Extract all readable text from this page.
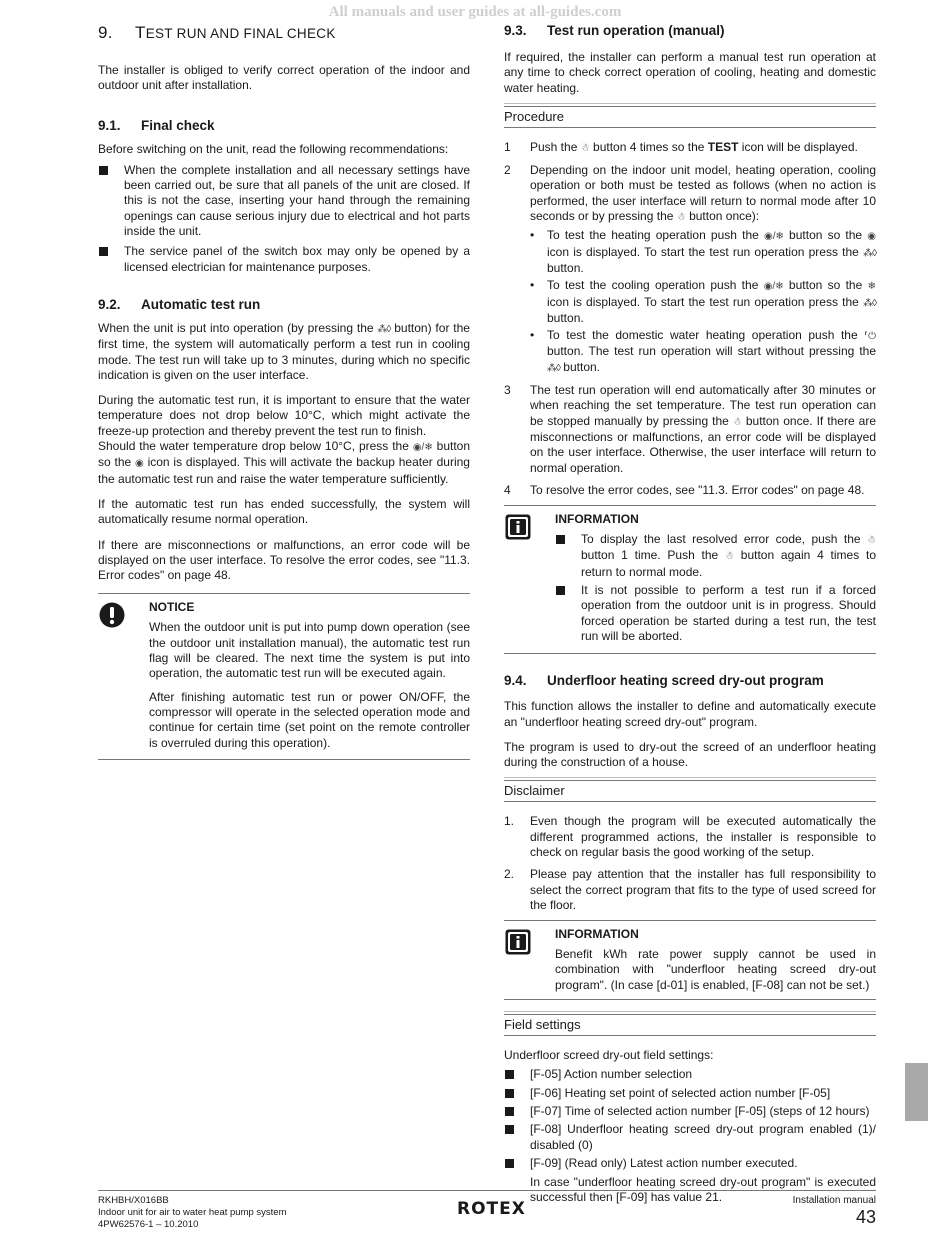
All manuals and user guides at all-guides.com
9. TEST RUN AND FINAL CHECK

The installer is obliged to verify correct operation of the indoor and outdoor unit after installation.

9.1. Final check

Before switching on the unit, read the following recommendations:

When the complete installation and all necessary settings have been carried out, be sure that all panels of the unit are closed. If this is not the case, inserting your hand through the remaining openings can cause serious injury due to electrical and hot parts inside the unit.
The service panel of the switch box may only be opened by a licensed electrician for maintenance purposes.
9.2. Automatic test run

When the unit is put into operation (by pressing the ⁂◊ button) for the first time, the system will automatically perform a test run in cooling mode. The test run will take up to 3 minutes, during which no specific indication is given on the user interface.

During the automatic test run, it is important to ensure that the water temperature does not drop below 10°C, which might activate the freeze-up protection and thereby prevent the test run to finish.

Should the water temperature drop below 10°C, press the ◉/❄ button so the ◉ icon is displayed. This will activate the backup heater during the automatic test run and raise the water temperature sufficiently.

If the automatic test run has ended successfully, the system will automatically resume normal operation.

If there are misconnections or malfunctions, an error code will be displayed on the user interface. To resolve the error codes, see "11.3. Error codes" on page 48.

NOTICE

When the outdoor unit is put into pump down operation (see the outdoor unit installation manual), the automatic test run flag will be cleared. The next time the system is put into operation, the automatic test run will be executed again.

After finishing automatic test run or power ON/OFF, the compressor will operate in the selected operation mode and continue for certain time (set point on the remote controller is overruled during this operation).

9.3. Test run operation (manual)

If required, the installer can perform a manual test run operation at any time to check correct operation of cooling, heating and domestic water heating.

Procedure
1 Push the ☃ button 4 times so the TEST icon will be displayed.
2 Depending on the indoor unit model, heating operation, cooling operation or both must be tested as follows (when no action is performed, the user interface will return to normal mode after 10 seconds or by pressing the ☃ button once):
• To test the heating operation push the ◉/❄ button so the ◉ icon is displayed. To start the test run operation press the ⁂◊ button.
• To test the cooling operation push the ◉/❄ button so the ❄ icon is displayed. To start the test run operation press the ⁂◊ button.
• To test the domestic water heating operation push the ⸢⏻ button. The test run operation will start without pressing the ⁂◊ button.
3 The test run operation will end automatically after 30 minutes or when reaching the set temperature. The test run operation can be stopped manually by pressing the ☃ button once. If there are misconnections or malfunctions, an error code will be displayed on the user interface. Otherwise, the user interface will return to normal operation.
4 To resolve the error codes, see "11.3. Error codes" on page 48.
INFORMATION
To display the last resolved error code, push the ☃ button 1 time. Push the ☃ button again 4 times to return to normal mode.
It is not possible to perform a test run if a forced operation from the outdoor unit is in progress. Should forced operation be started during a test run, the test run will be aborted.
9.4. Underfloor heating screed dry-out program

This function allows the installer to define and automatically execute an "underfloor heating screed dry-out" program.

The program is used to dry-out the screed of an underfloor heating during the construction of a house.

Disclaimer
1. Even though the program will be executed automatically the different programmed actions, the installer is responsible to check on regular basis the good working of the setup.
2. Please pay attention that the installer has full responsibility to select the correct program that fits to the type of used screed for the floor.
INFORMATION

Benefit kWh rate power supply cannot be used in combination with "underfloor heating screed dry-out program". (In case [d-01] is enabled, [F-08] can not be set.)

Field settings

Underfloor screed dry-out field settings:

[F-05] Action number selection
[F-06] Heating set point of selected action number [F-05]
[F-07] Time of selected action number [F-05] (steps of 12 hours)
[F-08] Underfloor heating screed dry-out program enabled (1)/ disabled (0)
[F-09] (Read only) Latest action number executed.
In case "underfloor heating screed dry-out program" is executed successful then [F-09] has value 21.
RKHBH/X016BB
Indoor unit for air to water heat pump system
4PW62576-1 – 10.2010
ROTEX	Installation manual
43
